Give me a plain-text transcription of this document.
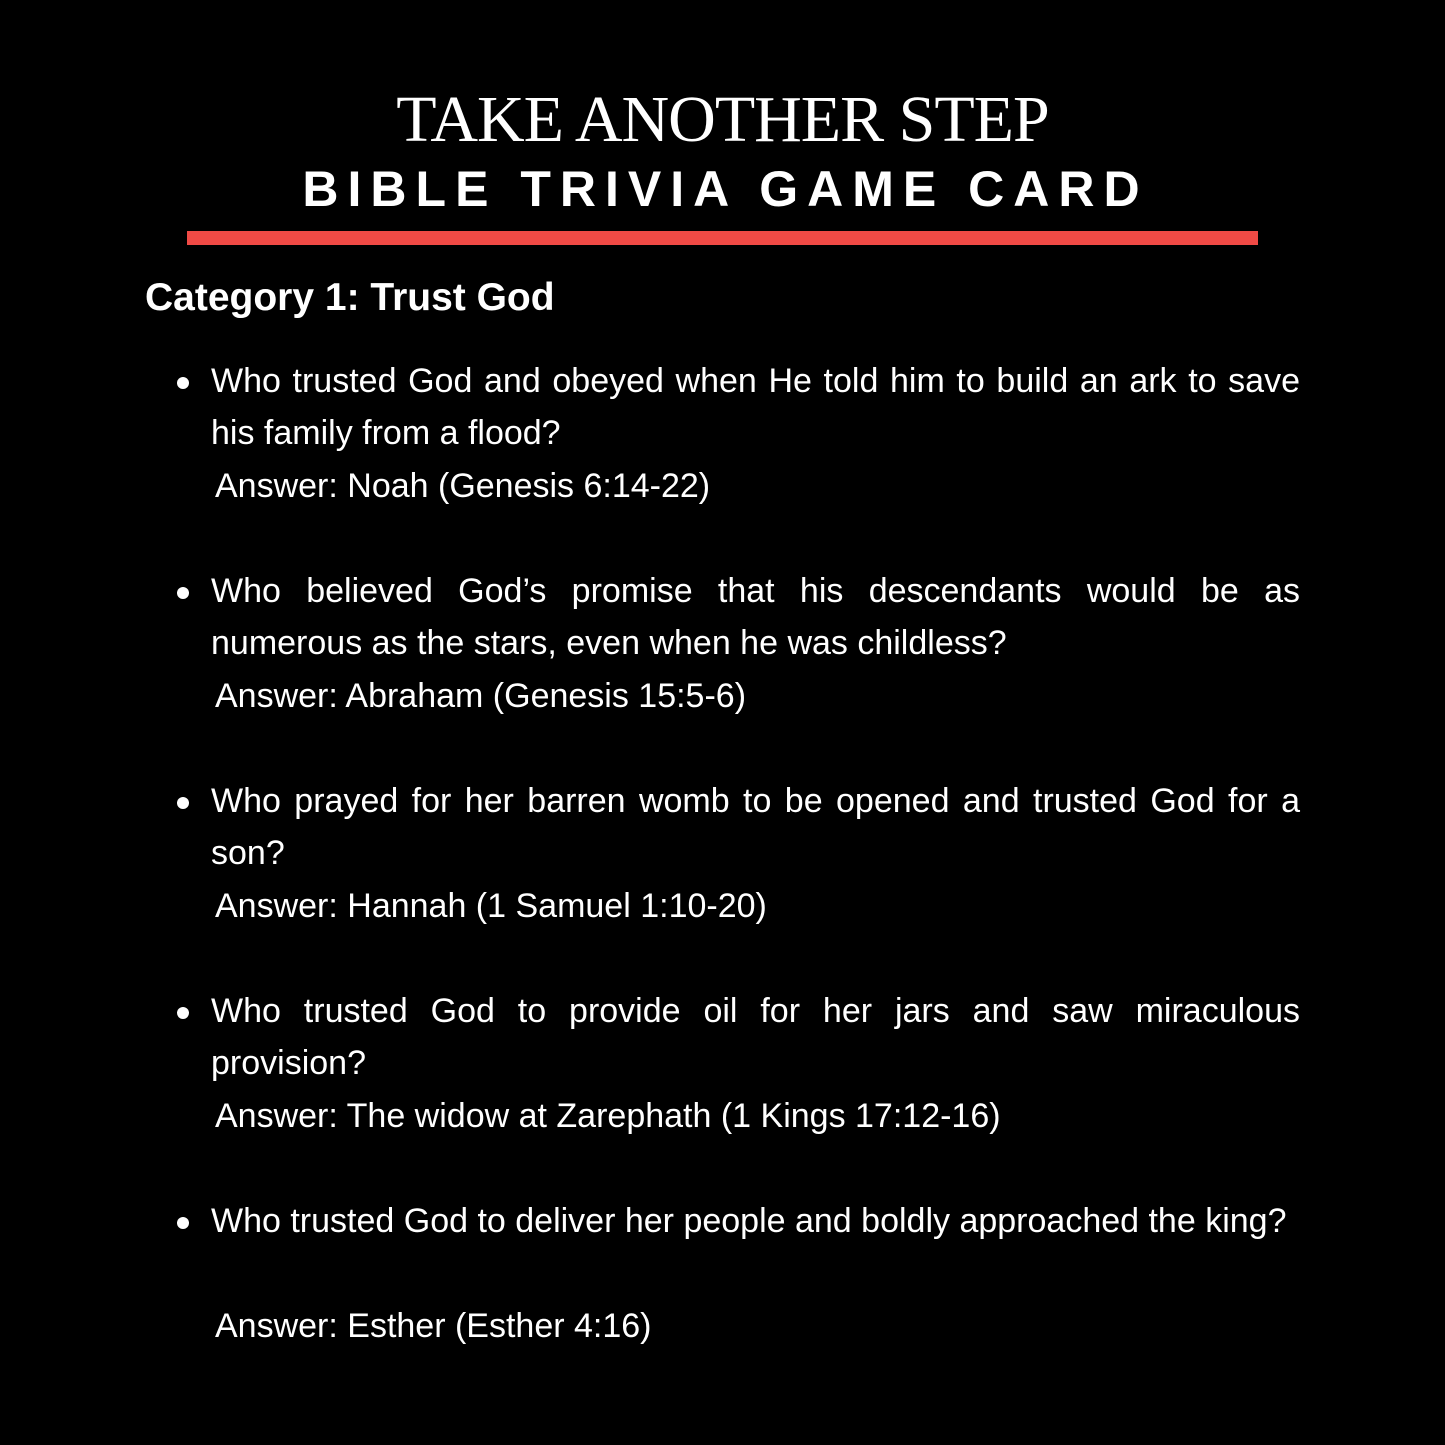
TAKE ANOTHER STEP
BIBLE TRIVIA GAME CARD
Category 1: Trust God
Who trusted God and obeyed when He told him to build an ark to save his family from a flood?
Answer: Noah (Genesis 6:14-22)
Who believed God’s promise that his descendants would be as numerous as the stars, even when he was childless?
Answer: Abraham (Genesis 15:5-6)
Who prayed for her barren womb to be opened and trusted God for a son?
Answer: Hannah (1 Samuel 1:10-20)
Who trusted God to provide oil for her jars and saw miraculous provision?
Answer: The widow at Zarephath (1 Kings 17:12-16)
Who trusted God to deliver her people and boldly approached the king?
Answer: Esther (Esther 4:16)
